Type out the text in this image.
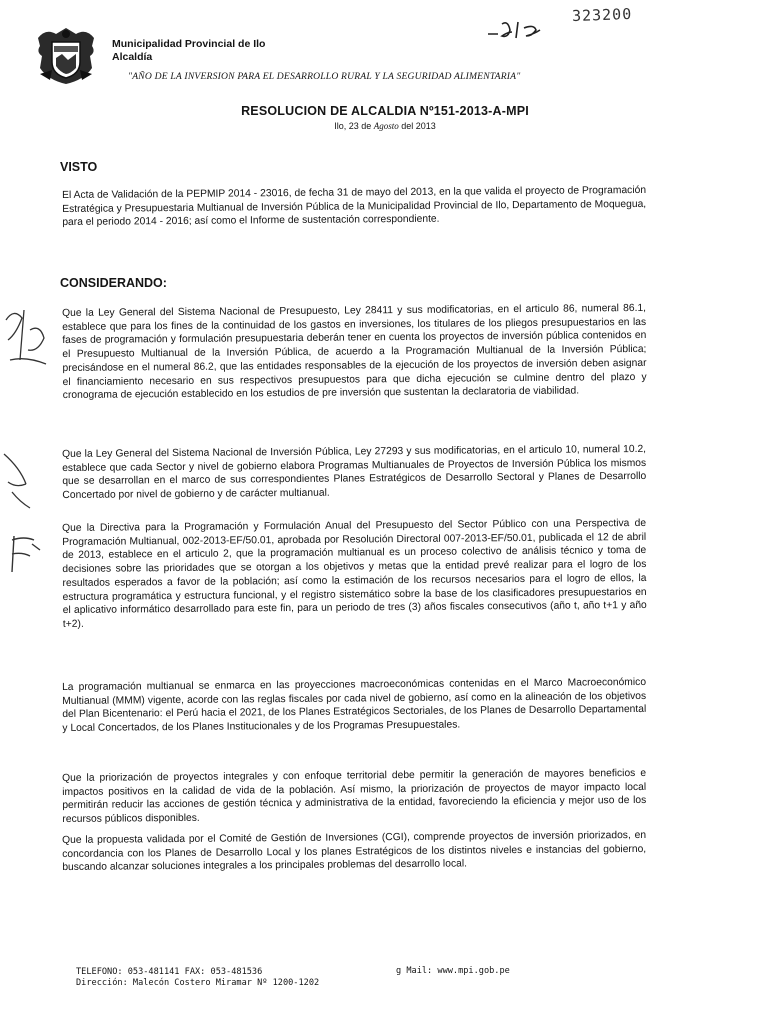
Municipalidad Provincial de Ilo
Alcaldía
323200
"AÑO DE LA INVERSION PARA EL DESARROLLO RURAL Y LA SEGURIDAD ALIMENTARIA"
RESOLUCION DE ALCALDIA Nº151-2013-A-MPI
Ilo, 23 de Agosto del 2013
VISTO
El Acta de Validación de la PEPMIP 2014 - 23016, de fecha 31 de mayo del 2013, en la que valida el proyecto de Programación Estratégica y Presupuestaria Multianual de Inversión Pública de la Municipalidad Provincial de Ilo, Departamento de Moquegua, para el periodo 2014 - 2016; así como el Informe de sustentación correspondiente.
CONSIDERANDO:
Que la Ley General del Sistema Nacional de Presupuesto, Ley 28411 y sus modificatorias, en el articulo 86, numeral 86.1, establece que para los fines de la continuidad de los gastos en inversiones, los titulares de los pliegos presupuestarios en las fases de programación y formulación presupuestaria deberán tener en cuenta los proyectos de inversión pública contenidos en el Presupuesto Multianual de la Inversión Pública, de acuerdo a la Programación Multianual de la Inversión Pública; precisándose en el numeral 86.2, que las entidades responsables de la ejecución de los proyectos de inversión deben asignar el financiamiento necesario en sus respectivos presupuestos para que dicha ejecución se culmine dentro del plazo y cronograma de ejecución establecido en los estudios de pre inversión que sustentan la declaratoria de viabilidad.
Que la Ley General del Sistema Nacional de Inversión Pública, Ley 27293 y sus modificatorias, en el articulo 10, numeral 10.2, establece que cada Sector y nivel de gobierno elabora Programas Multianuales de Proyectos de Inversión Pública los mismos que se desarrollan en el marco de sus correspondientes Planes Estratégicos de Desarrollo Sectoral y Planes de Desarrollo Concertado por nivel de gobierno y de carácter multianual.
Que la Directiva para la Programación y Formulación Anual del Presupuesto del Sector Público con una Perspectiva de Programación Multianual, 002-2013-EF/50.01, aprobada por Resolución Directoral 007-2013-EF/50.01, publicada el 12 de abril de 2013, establece en el articulo 2, que la programación multianual es un proceso colectivo de análisis técnico y toma de decisiones sobre las prioridades que se otorgan a los objetivos y metas que la entidad prevé realizar para el logro de los resultados esperados a favor de la población; así como la estimación de los recursos necesarios para el logro de ellos, la estructura programática y estructura funcional, y el registro sistemático sobre la base de los clasificadores presupuestarios en el aplicativo informático desarrollado para este fin, para un periodo de tres (3) años fiscales consecutivos (año t, año t+1 y año t+2).
La programación multianual se enmarca en las proyecciones macroeconómicas contenidas en el Marco Macroeconómico Multianual (MMM) vigente, acorde con las reglas fiscales por cada nivel de gobierno, así como en la alineación de los objetivos del Plan Bicentenario: el Perú hacia el 2021, de los Planes Estratégicos Sectoriales, de los Planes de Desarrollo Departamental y Local Concertados, de los Planes Institucionales y de los Programas Presupuestales.
Que la priorización de proyectos integrales y con enfoque territorial debe permitir la generación de mayores beneficios e impactos positivos en la calidad de vida de la población. Así mismo, la priorización de proyectos de mayor impacto local permitirán reducir las acciones de gestión técnica y administrativa de la entidad, favoreciendo la eficiencia y mejor uso de los recursos públicos disponibles.
Que la propuesta validada por el Comité de Gestión de Inversiones (CGI), comprende proyectos de inversión priorizados, en concordancia con los Planes de Desarrollo Local y los planes Estratégicos de los distintos niveles e instancias del gobierno, buscando alcanzar soluciones integrales a los principales problemas del desarrollo local.
TELEFONO: 053-481141 FAX: 053-481536
Dirección: Malecón Costero Miramar Nº 1200-1202
g Mail: www.mpi.gob.pe
